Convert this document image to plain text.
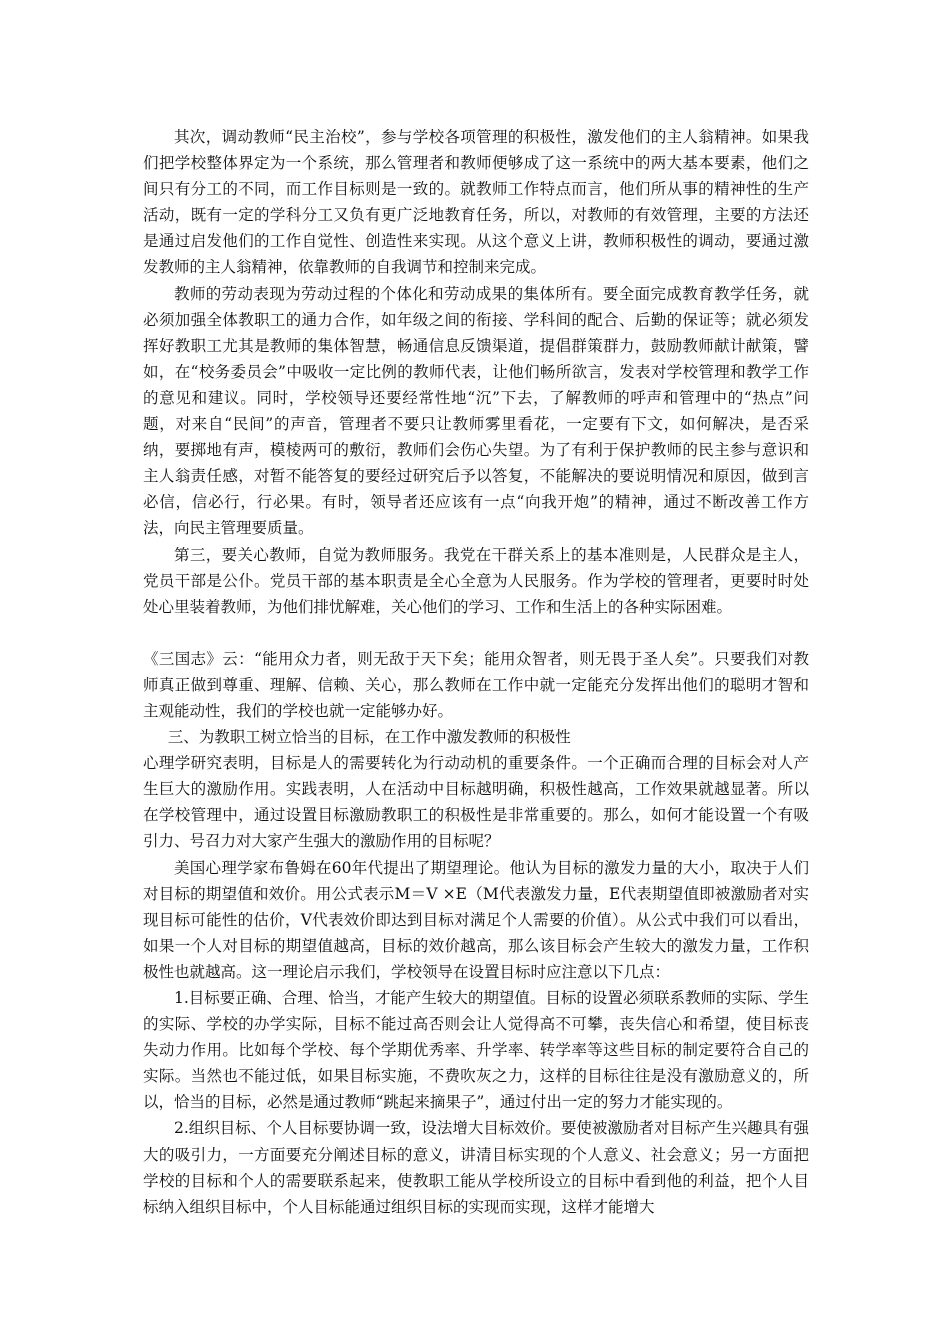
其次，调动教师“民主治校”，参与学校各项管理的积极性，激发他们的主人翁精神。如果我们把学校整体界定为一个系统，那么管理者和教师便够成了这一系统中的两大基本要素，他们之间只有分工的不同，而工作目标则是一致的。就教师工作特点而言，他们所从事的精神性的生产活动，既有一定的学科分工又负有更广泛地教育任务，所以，对教师的有效管理，主要的方法还是通过启发他们的工作自觉性、创造性来实现。从这个意义上讲，教师积极性的调动，要通过激发教师的主人翁精神，依靠教师的自我调节和控制来完成。

教师的劳动表现为劳动过程的个体化和劳动成果的集体所有。要全面完成教育教学任务，就必须加强全体教职工的通力合作，如年级之间的衔接、学科间的配合、后勤的保证等；就必须发挥好教职工尤其是教师的集体智慧，畅通信息反馈渠道，提倡群策群力，鼓励教师献计献策，譬如，在“校务委员会”中吸收一定比例的教师代表，让他们畅所欲言，发表对学校管理和教学工作的意见和建议。同时，学校领导还要经常性地“沉”下去，了解教师的呼声和管理中的“热点”问题，对来自“民间”的声音，管理者不要只让教师雾里看花，一定要有下文，如何解决，是否采纳，要掷地有声，模棱两可的敷衍，教师们会伤心失望。为了有利于保护教师的民主参与意识和主人翁责任感，对暂不能答复的要经过研究后予以答复，不能解决的要说明情况和原因，做到言必信，信必行，行必果。有时，领导者还应该有一点“向我开炮”的精神，通过不断改善工作方法，向民主管理要质量。

第三，要关心教师，自觉为教师服务。我党在干群关系上的基本准则是，人民群众是主人，党员干部是公仆。党员干部的基本职责是全心全意为人民服务。作为学校的管理者，更要时时处处心里装着教师，为他们排忧解难，关心他们的学习、工作和生活上的各种实际困难。

《三国志》云：“能用众力者，则无敌于天下矣；能用众智者，则无畏于圣人矣”。只要我们对教师真正做到尊重、理解、信赖、关心，那么教师在工作中就一定能充分发挥出他们的聪明才智和主观能动性，我们的学校也就一定能够办好。

三、为教职工树立恰当的目标，在工作中激发教师的积极性

心理学研究表明，目标是人的需要转化为行动动机的重要条件。一个正确而合理的目标会对人产生巨大的激励作用。实践表明，人在活动中目标越明确，积极性越高，工作效果就越显著。所以在学校管理中，通过设置目标激励教职工的积极性是非常重要的。那么，如何才能设置一个有吸引力、号召力对大家产生强大的激励作用的目标呢？

美国心理学家布鲁姆在60年代提出了期望理论。他认为目标的激发力量的大小，取决于人们对目标的期望值和效价。用公式表示M＝V ×E（M代表激发力量，E代表期望值即被激励者对实现目标可能性的估价，V代表效价即达到目标对满足个人需要的价值）。从公式中我们可以看出，如果一个人对目标的期望值越高，目标的效价越高，那么该目标会产生较大的激发力量，工作积极性也就越高。这一理论启示我们，学校领导在设置目标时应注意以下几点：

1.目标要正确、合理、恰当，才能产生较大的期望值。目标的设置必须联系教师的实际、学生的实际、学校的办学实际，目标不能过高否则会让人觉得高不可攀，丧失信心和希望，使目标丧失动力作用。比如每个学校、每个学期优秀率、升学率、转学率等这些目标的制定要符合自己的实际。当然也不能过低，如果目标实施，不费吹灰之力，这样的目标往往是没有激励意义的，所以，恰当的目标，必然是通过教师“跳起来摘果子”，通过付出一定的努力才能实现的。

2.组织目标、个人目标要协调一致，设法增大目标效价。要使被激励者对目标产生兴趣具有强大的吸引力，一方面要充分阐述目标的意义，讲清目标实现的个人意义、社会意义；另一方面把学校的目标和个人的需要联系起来，使教职工能从学校所设立的目标中看到他的利益，把个人目标纳入组织目标中，个人目标能通过组织目标的实现而实现，这样才能增大
